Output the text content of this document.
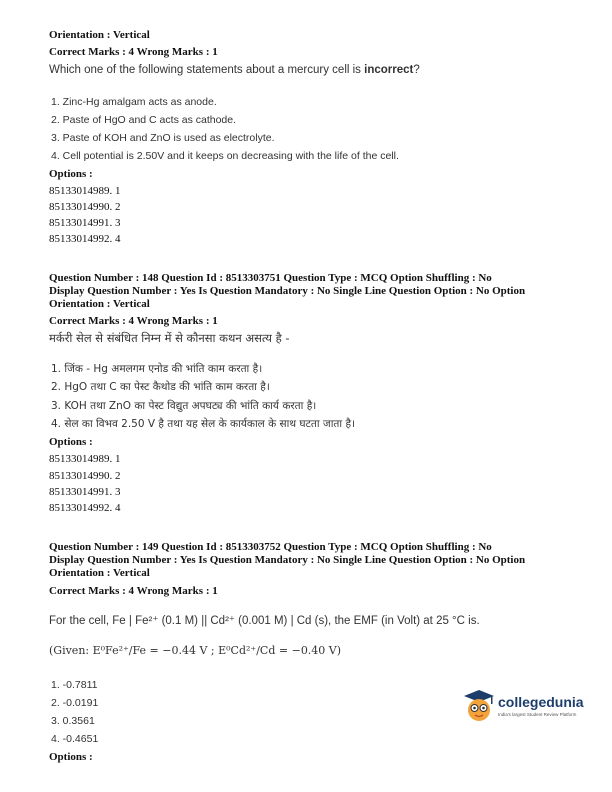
Orientation : Vertical
Correct Marks : 4 Wrong Marks : 1
Which one of the following statements about a mercury cell is incorrect?
1. Zinc-Hg amalgam acts as anode.
2. Paste of HgO and C acts as cathode.
3. Paste of KOH and ZnO is used as electrolyte.
4. Cell potential is 2.50V and it keeps on decreasing with the life of the cell.
Options :
85133014989. 1
85133014990. 2
85133014991. 3
85133014992. 4
Question Number : 148 Question Id : 8513303751 Question Type : MCQ Option Shuffling : No
Display Question Number : Yes Is Question Mandatory : No Single Line Question Option : No Option
Orientation : Vertical
Correct Marks : 4 Wrong Marks : 1
मर्करी सेल से संबंधित निम्न में से कौनसा कथन असत्य है -
1. जिंक - Hg अमलगम एनोड की भांति काम करता है।
2. HgO तथा C का पेस्ट कैथोड की भांति काम करता है।
3. KOH तथा ZnO का पेस्ट विद्युत अपघट्य की भांति कार्य करता है।
4. सेल का विभव 2.50 V है तथा यह सेल के कार्यकाल के साथ घटता जाता है।
Options :
85133014989. 1
85133014990. 2
85133014991. 3
85133014992. 4
Question Number : 149 Question Id : 8513303752 Question Type : MCQ Option Shuffling : No
Display Question Number : Yes Is Question Mandatory : No Single Line Question Option : No Option
Orientation : Vertical
Correct Marks : 4 Wrong Marks : 1
For the cell, Fe | Fe²⁺ (0.1 M) || Cd²⁺ (0.001 M) | Cd (s), the EMF (in Volt) at 25 °C is.
(Given: E⁰Fe²⁺/Fe = −0.44 V ; E⁰Cd²⁺/Cd = −0.40 V)
1. -0.7811
2. -0.0191
3. 0.3561
4. -0.4651
Options :
collegedunia
India's largest Student Review Platform
